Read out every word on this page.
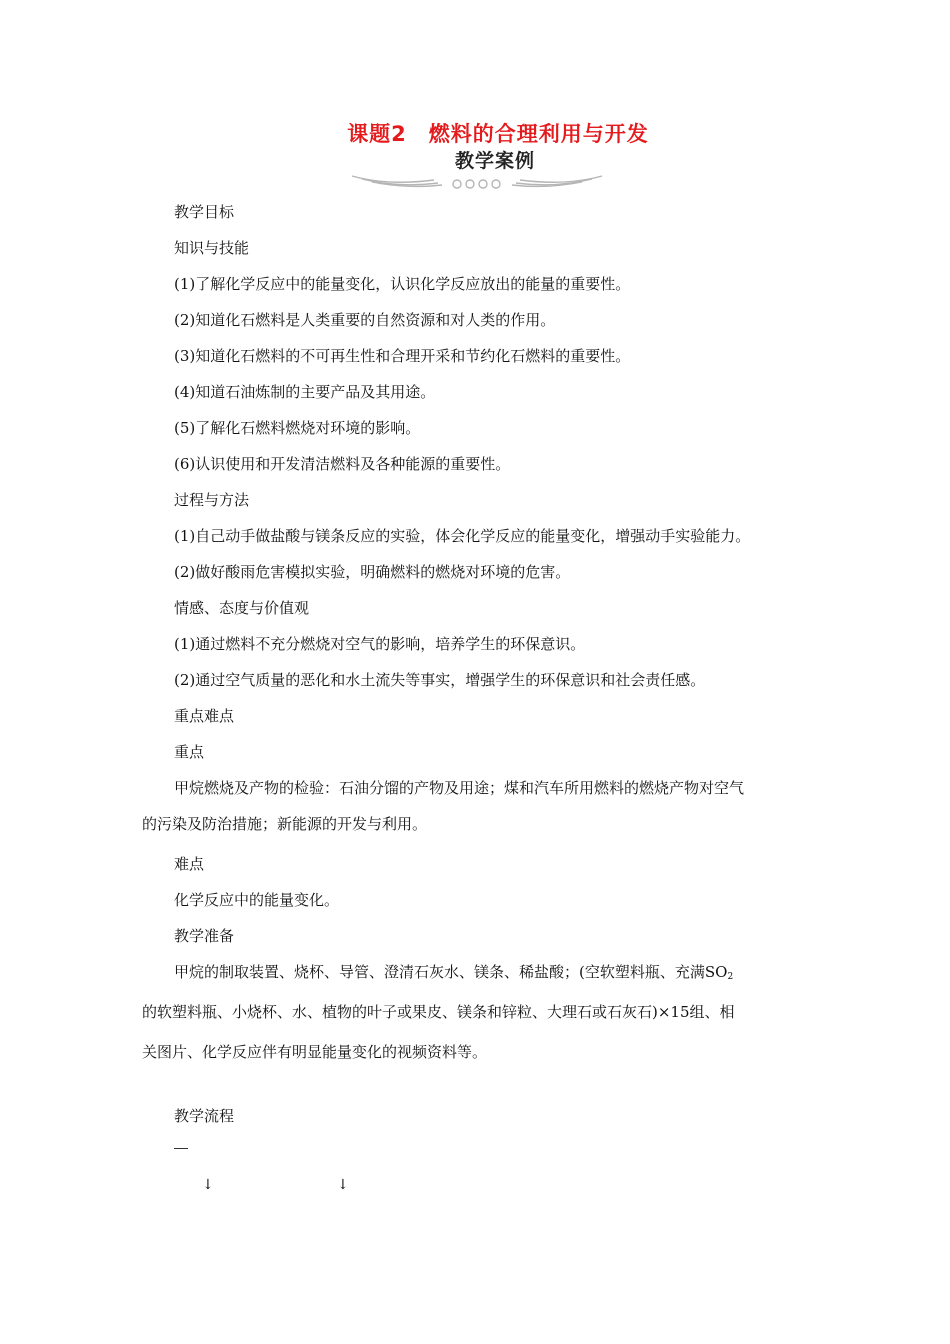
课题2　燃料的合理利用与开发
教学案例
教学目标
知识与技能
(1)了解化学反应中的能量变化，认识化学反应放出的能量的重要性。
(2)知道化石燃料是人类重要的自然资源和对人类的作用。
(3)知道化石燃料的不可再生性和合理开采和节约化石燃料的重要性。
(4)知道石油炼制的主要产品及其用途。
(5)了解化石燃料燃烧对环境的影响。
(6)认识使用和开发清洁燃料及各种能源的重要性。
过程与方法
(1)自己动手做盐酸与镁条反应的实验，体会化学反应的能量变化，增强动手实验能力。
(2)做好酸雨危害模拟实验，明确燃料的燃烧对环境的危害。
情感、态度与价值观
(1)通过燃料不充分燃烧对空气的影响，培养学生的环保意识。
(2)通过空气质量的恶化和水土流失等事实，增强学生的环保意识和社会责任感。
重点难点
重点
甲烷燃烧及产物的检验：石油分馏的产物及用途；煤和汽车所用燃料的燃烧产物对空气
的污染及防治措施；新能源的开发与利用。
难点
化学反应中的能量变化。
教学准备
甲烷的制取装置、烧杯、导管、澄清石灰水、镁条、稀盐酸；(空软塑料瓶、充满$SO_2$
的软塑料瓶、小烧杯、水、植物的叶子或果皮、镁条和锌粒、大理石或石灰石)×15组、相
关图片、化学反应伴有明显能量变化的视频资料等。
教学流程
↓	↓
